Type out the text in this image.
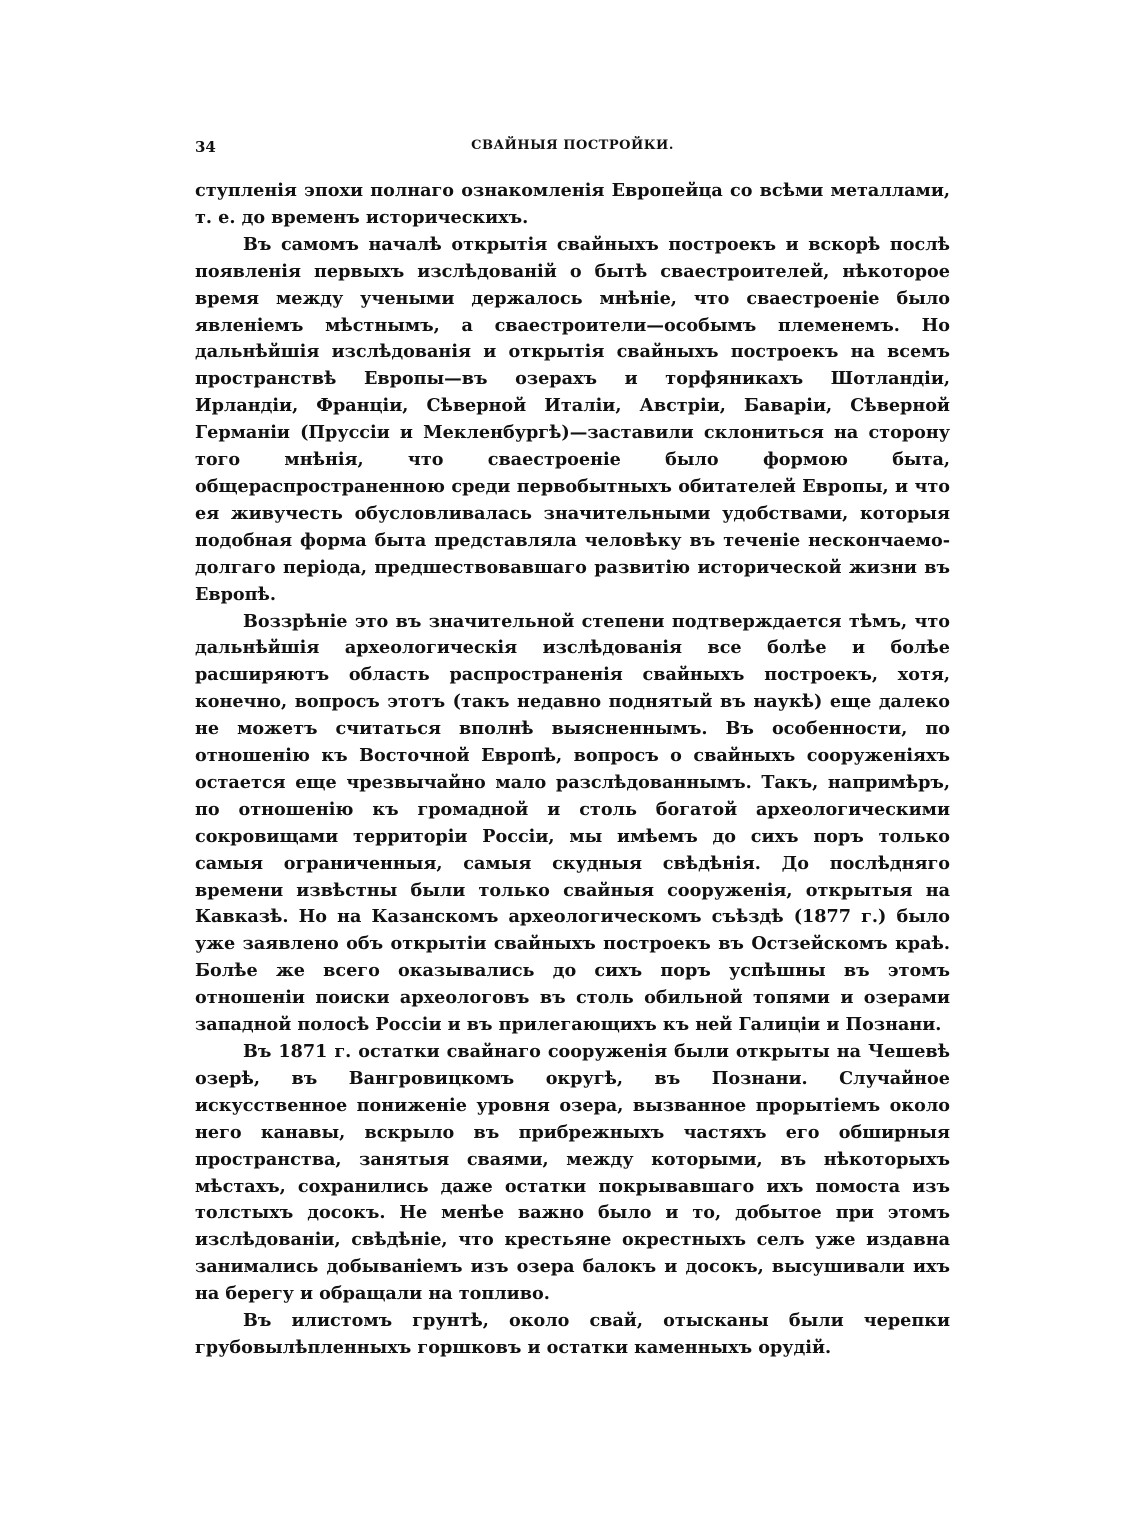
34	СВАЙНЫЯ ПОСТРОЙКИ.

ступленія эпохи полнаго ознакомленія Европейца со всѣми металлами, т. е. до временъ историческихъ.

Въ самомъ началѣ открытія свайныхъ построекъ и вскорѣ послѣ появленія первыхъ изслѣдованій о бытѣ сваестроителей, нѣкоторое время между учеными держалось мнѣніе, что сваестроеніе было явленіемъ мѣстнымъ, а сваестроители—особымъ племенемъ. Но дальнѣйшія изслѣдованія и открытія свайныхъ построекъ на всемъ пространствѣ Европы—въ озерахъ и торфяникахъ Шотландіи, Ирландіи, Франціи, Сѣверной Италіи, Австріи, Баваріи, Сѣверной Германіи (Пруссіи и Мекленбургѣ)—заставили склониться на сторону того мнѣнія, что сваестроеніе было формою быта, общераспространенною среди первобытныхъ обитателей Европы, и что ея живучесть обусловливалась значительными удобствами, которыя подобная форма быта представляла человѣку въ теченіе нескончаемо-долгаго періода, предшествовавшаго развитію исторической жизни въ Европѣ.

Воззрѣніе это въ значительной степени подтверждается тѣмъ, что дальнѣйшія археологическія изслѣдованія все болѣе и болѣе расширяютъ область распространенія свайныхъ построекъ, хотя, конечно, вопросъ этотъ (такъ недавно поднятый въ наукѣ) еще далеко не можетъ считаться вполнѣ выясненнымъ. Въ особенности, по отношенію къ Восточной Европѣ, вопросъ о свайныхъ сооруженіяхъ остается еще чрезвычайно мало разслѣдованнымъ. Такъ, напримѣръ, по отношенію къ громадной и столь богатой археологическими сокровищами территоріи Россіи, мы имѣемъ до сихъ поръ только самыя ограниченныя, самыя скудныя свѣдѣнія. До послѣдняго времени извѣстны были только свайныя сооруженія, открытыя на Кавказѣ. Но на Казанскомъ археологическомъ съѣздѣ (1877 г.) было уже заявлено объ открытіи свайныхъ построекъ въ Остзейскомъ краѣ. Болѣе же всего оказывались до сихъ поръ успѣшны въ этомъ отношеніи поиски археологовъ въ столь обильной топями и озерами западной полосѣ Россіи и въ прилегающихъ къ ней Галиціи и Познани.

Въ 1871 г. остатки свайнаго сооруженія были открыты на Чешевѣ озерѣ, въ Вангровицкомъ округѣ, въ Познани. Случайное искусственное пониженіе уровня озера, вызванное прорытіемъ около него канавы, вскрыло въ прибрежныхъ частяхъ его обширныя пространства, занятыя сваями, между которыми, въ нѣкоторыхъ мѣстахъ, сохранились даже остатки покрывавшаго ихъ помоста изъ толстыхъ досокъ. Не менѣе важно было и то, добытое при этомъ изслѣдованіи, свѣдѣніе, что крестьяне окрестныхъ селъ уже издавна занимались добываніемъ изъ озера балокъ и досокъ, высушивали ихъ на берегу и обращали на топливо.

Въ илистомъ грунтѣ, около свай, отысканы были черепки грубовылѣпленныхъ горшковъ и остатки каменныхъ орудій.
